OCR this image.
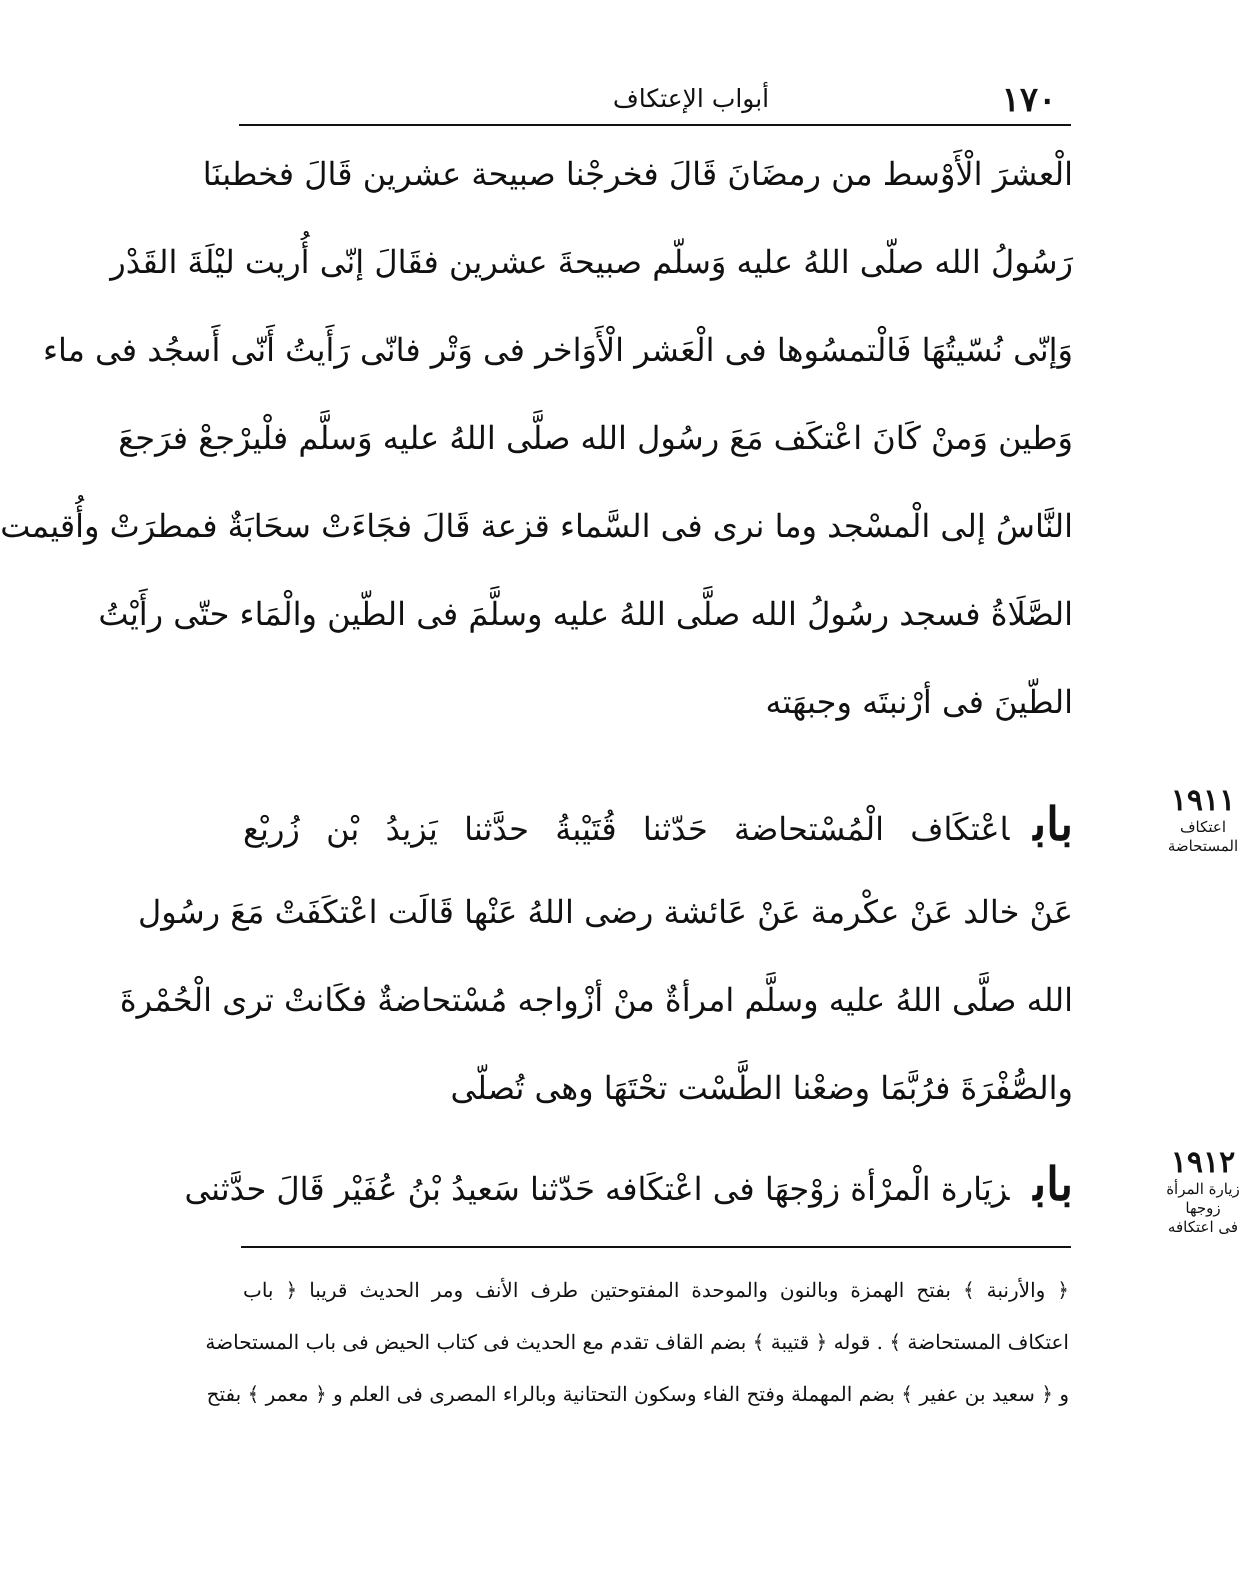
١٧٠
أبواب الإعتكاف
الْعشرَ الْأَوْسط من رمضَانَ قَالَ فخرجْنا صبيحة عشرين قَالَ فخطبنَا
رَسُولُ الله صلّى اللهُ عليه وَسلّم صبيحةَ عشرين فقَالَ إنّى أُريت ليْلَةَ القَدْر
وَإنّى نُسّيتُهَا فَالْتمسُوها فى الْعَشر الْأَوَاخر فى وَتْر فانّى رَأَيتُ أَنّى أَسجُد فى ماء
وَطين وَمنْ كَانَ اعْتكَف مَعَ رسُول الله صلَّى اللهُ عليه وَسلَّم فلْيرْجعْ فرَجعَ
النَّاسُ إلى الْمسْجد وما نرى فى السَّماء قزعة قَالَ فجَاءَتْ سحَابَةٌ فمطرَتْ وأُقيمت
الصَّلَاةُ فسجد رسُولُ الله صلَّى اللهُ عليه وسلَّمَ فى الطّين والْمَاء حتّى رأَيْتُ
الطّينَ فى أرْنبتَه وجبهَته
باباعْتكَاف الْمُسْتحاضة حَدّثنا قُتَيْبةُ حدَّثنا يَزيدُ بْن زُريْع
عَنْ خالد عَنْ عكْرمة عَنْ عَائشة رضى اللهُ عَنْها قَالَت اعْتكَفَتْ مَعَ رسُول
الله صلَّى اللهُ عليه وسلَّم امرأةٌ منْ أزْواجه مُسْتحاضةٌ فكَانتْ ترى الْحُمْرةَ
والصُّفْرَةَ فرُبَّمَا وضعْنا الطَّسْت تحْتَهَا وهى تُصلّى
بابزيَارة الْمرْأة زوْجهَا فى اعْتكَافه حَدّثنا سَعيدُ بْنُ عُفَيْر قَالَ حدَّثنى
١٩١١
اعتكاف
المستحاضة
١٩١٢
زيارة المرأة
زوجها
فى اعتكافه
﴿ والأرنبة ﴾ بفتح الهمزة وبالنون والموحدة المفتوحتين طرف الأنف ومر الحديث قريبا ﴿ باب
اعتكاف المستحاضة ﴾ . قوله ﴿ قتيبة ﴾ بضم القاف تقدم مع الحديث فى كتاب الحيض فى باب المستحاضة
و ﴿ سعيد بن عفير ﴾ بضم المهملة وفتح الفاء وسكون التحتانية وبالراء المصرى فى العلم و ﴿ معمر ﴾ بفتح
